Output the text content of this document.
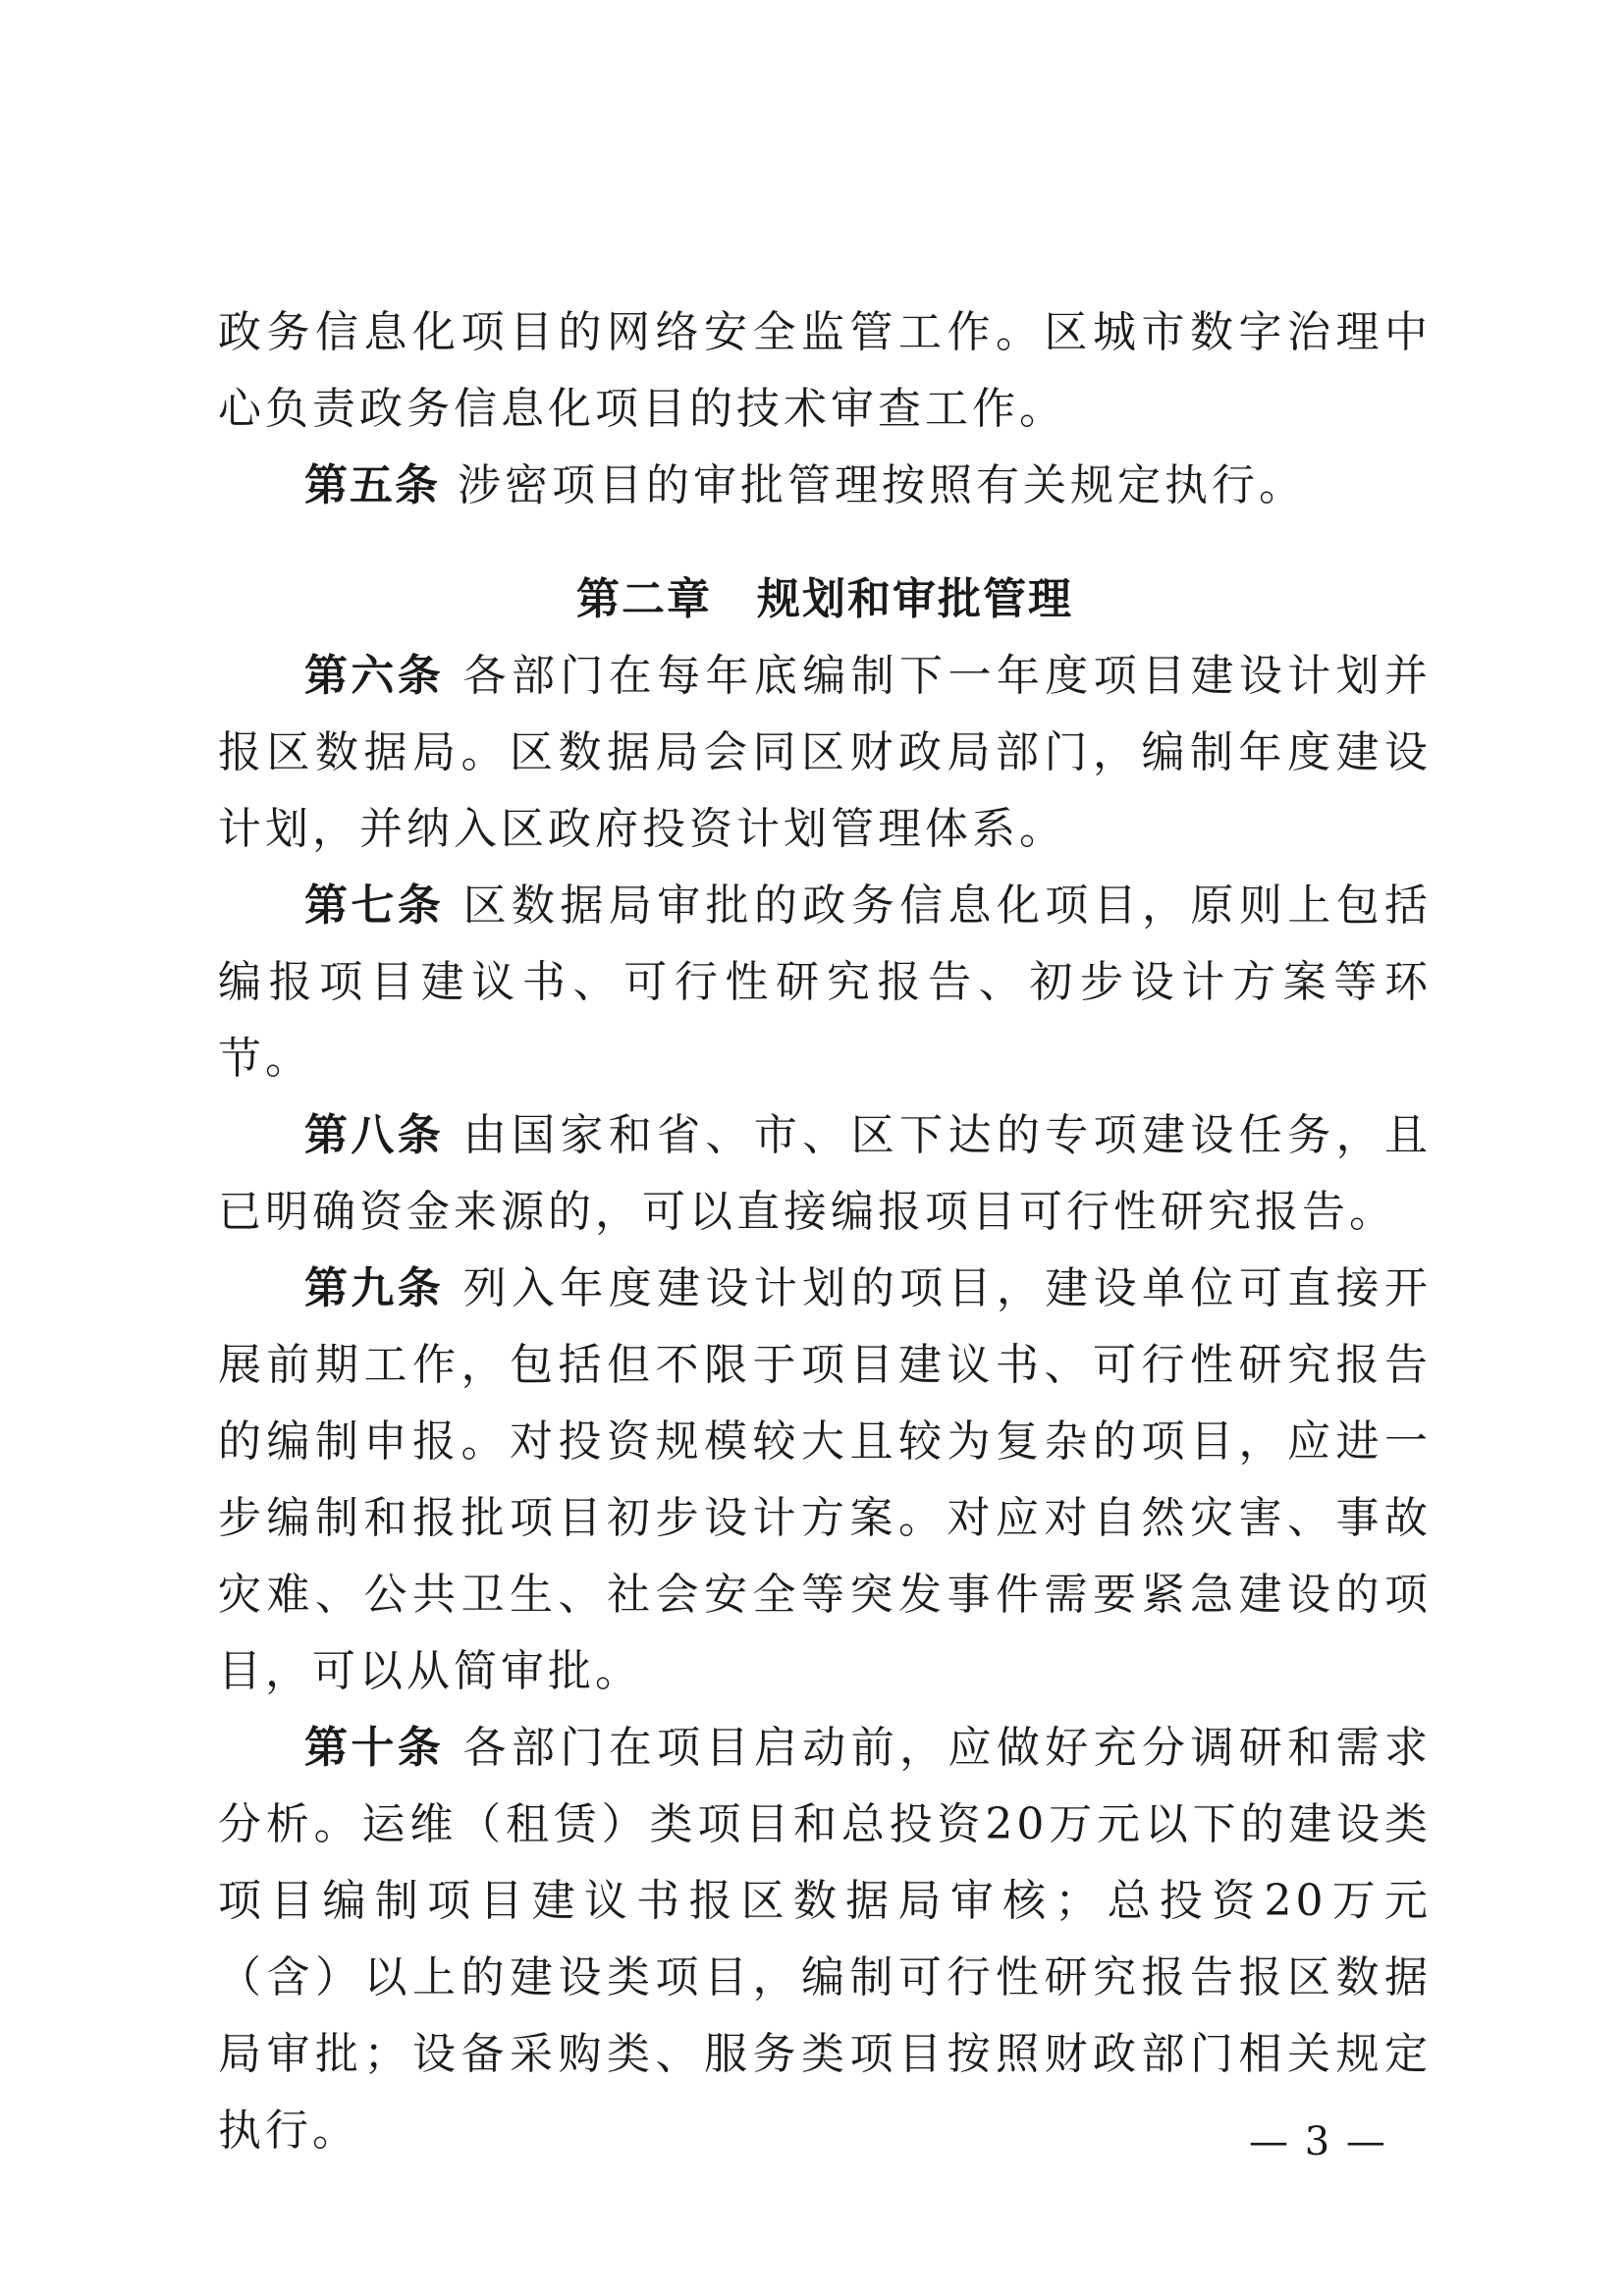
政务信息化项目的网络安全监管工作。区城市数字治理中心负责政务信息化项目的技术审查工作。

第五条 涉密项目的审批管理按照有关规定执行。

第二章 规划和审批管理

第六条 各部门在每年底编制下一年度项目建设计划并报区数据局。区数据局会同区财政局部门，编制年度建设计划，并纳入区政府投资计划管理体系。

第七条 区数据局审批的政务信息化项目，原则上包括编报项目建议书、可行性研究报告、初步设计方案等环节。

第八条 由国家和省、市、区下达的专项建设任务，且已明确资金来源的，可以直接编报项目可行性研究报告。

第九条 列入年度建设计划的项目，建设单位可直接开展前期工作，包括但不限于项目建议书、可行性研究报告的编制申报。对投资规模较大且较为复杂的项目，应进一步编制和报批项目初步设计方案。对应对自然灾害、事故灾难、公共卫生、社会安全等突发事件需要紧急建设的项目，可以从简审批。

第十条 各部门在项目启动前，应做好充分调研和需求分析。运维（租赁）类项目和总投资20万元以下的建设类项目编制项目建议书报区数据局审核；总投资20万元（含）以上的建设类项目，编制可行性研究报告报区数据局审批；设备采购类、服务类项目按照财政部门相关规定执行。	— 3 —
